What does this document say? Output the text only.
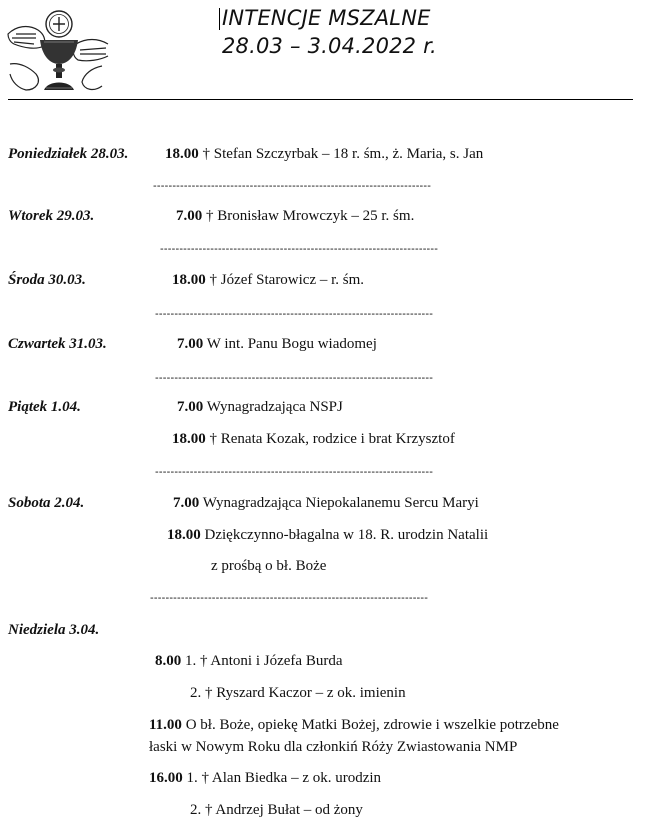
INTENCJE MSZALNE
28.03 – 3.04.2022 r.
Poniedziałek 28.03. 18.00 † Stefan Szczyrbak – 18 r. śm., ż. Maria, s. Jan
------------------------------------------------------------------------
Wtorek 29.03.	7.00 † Bronisław Mrowczyk – 25 r. śm.
------------------------------------------------------------------------
Środa 30.03.	18.00 † Józef Starowicz – r. śm.
------------------------------------------------------------------------
Czwartek 31.03.	7.00 W int. Panu Bogu wiadomej
------------------------------------------------------------------------
Piątek 1.04.	7.00 Wynagradzająca NSPJ
18.00 † Renata Kozak, rodzice i brat Krzysztof
------------------------------------------------------------------------
Sobota 2.04.	7.00 Wynagradzająca Niepokalanemu Sercu Maryi
18.00 Dziękczynno-błagalna w 18. R. urodzin Natalii
z prośbą o bł. Boże
------------------------------------------------------------------------
Niedziela 3.04.
8.00 1. † Antoni i Józefa Burda
2. † Ryszard Kaczor – z ok. imienin
11.00 O bł. Boże, opiekę Matki Bożej, zdrowie i wszelkie potrzebne
łaski w Nowym Roku dla członkiń Róży Zwiastowania NMP
16.00 1. † Alan Biedka – z ok. urodzin
2. † Andrzej Bułat – od żony
